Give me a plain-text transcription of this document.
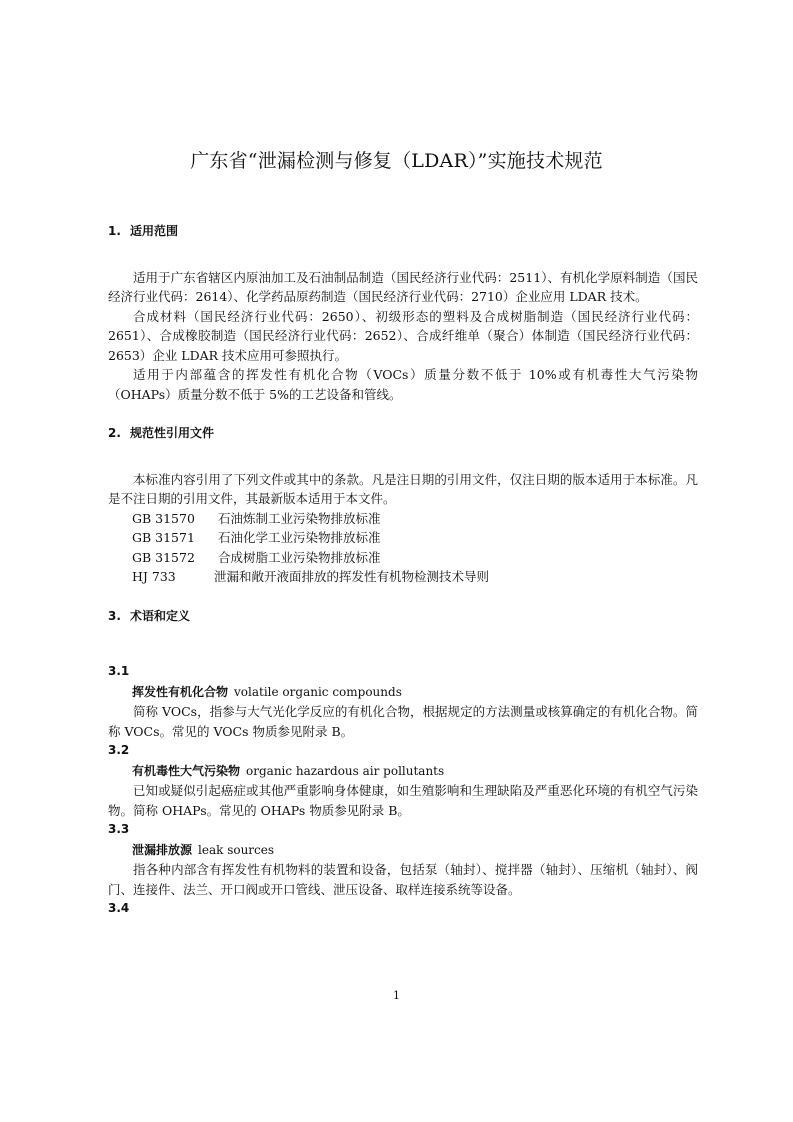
广东省“泄漏检测与修复（LDAR）”实施技术规范
1. 适用范围

适用于广东省辖区内原油加工及石油制品制造（国民经济行业代码：2511）、有机化学原料制造（国民经济行业代码：2614）、化学药品原药制造（国民经济行业代码：2710）企业应用 LDAR 技术。

合成材料（国民经济行业代码：2650）、初级形态的塑料及合成树脂制造（国民经济行业代码：2651）、合成橡胶制造（国民经济行业代码：2652）、合成纤维单（聚合）体制造（国民经济行业代码：2653）企业 LDAR 技术应用可参照执行。

适用于内部蕴含的挥发性有机化合物（VOCs）质量分数不低于 10%或有机毒性大气污染物（OHAPs）质量分数不低于 5%的工艺设备和管线。

2. 规范性引用文件

本标准内容引用了下列文件或其中的条款。凡是注日期的引用文件，仅注日期的版本适用于本标准。凡是不注日期的引用文件，其最新版本适用于本文件。

GB 31570 石油炼制工业污染物排放标准
GB 31571 石油化学工业污染物排放标准
GB 31572 合成树脂工业污染物排放标准
HJ 733	泄漏和敞开液面排放的挥发性有机物检测技术导则
3. 术语和定义
3.1
挥发性有机化合物 volatile organic compounds

简称 VOCs，指参与大气光化学反应的有机化合物，根据规定的方法测量或核算确定的有机化合物。简称 VOCs。常见的 VOCs 物质参见附录 B。

3.2
有机毒性大气污染物 organic hazardous air pollutants

已知或疑似引起癌症或其他严重影响身体健康，如生殖影响和生理缺陷及严重恶化环境的有机空气污染物。简称 OHAPs。常见的 OHAPs 物质参见附录 B。

3.3
泄漏排放源 leak sources

指各种内部含有挥发性有机物料的装置和设备，包括泵（轴封）、搅拌器（轴封）、压缩机（轴封）、阀门、连接件、法兰、开口阀或开口管线、泄压设备、取样连接系统等设备。

3.4
1
